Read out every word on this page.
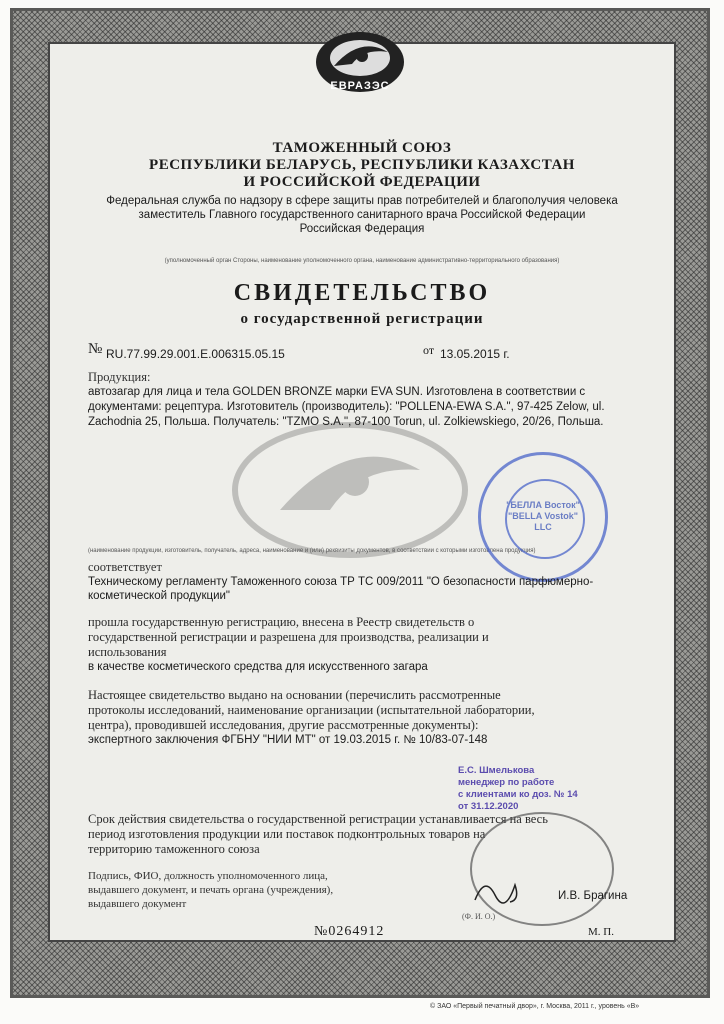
ЕВРАЗЭС
ТАМОЖЕННЫЙ СОЮЗ
РЕСПУБЛИКИ БЕЛАРУСЬ, РЕСПУБЛИКИ КАЗАХСТАН
И РОССИЙСКОЙ ФЕДЕРАЦИИ
Федеральная служба по надзору в сфере защиты прав потребителей и благополучия человека
заместитель Главного государственного санитарного врача Российской Федерации
Российская Федерация
(уполномоченный орган Стороны, наименование уполномоченного органа, наименование административно-территориального образования)
СВИДЕТЕЛЬСТВО
о государственной регистрации
№ RU.77.99.29.001.E.006315.05.15	от 13.05.2015 г.
Продукция:
автозагар для лица и тела GOLDEN BRONZE марки EVA SUN. Изготовлена в соответствии с
документами: рецептура. Изготовитель (производитель): "POLLENA-EWA S.A.", 97-425 Zelow, ul.
Zachodnia 25, Польша. Получатель: "TZMO S.A.", 87-100 Torun, ul. Zolkiewskiego, 20/26, Польша.
(наименование продукции, изготовитель, получатель, адреса, наименование и (или) реквизиты документов, в соответствии с которыми изготовлена продукция)
"БЕЛЛА Восток"
"BELLA Vostok"
LLC
соответствует
Техническому регламенту Таможенного союза ТР ТС 009/2011 "О безопасности парфюмерно-
косметической продукции"
прошла государственную регистрацию, внесена в Реестр свидетельств о
государственной регистрации и разрешена для производства, реализации и
использования
в качестве косметического средства для искусственного загара
Настоящее свидетельство выдано на основании (перечислить рассмотренные
протоколы исследований, наименование организации (испытательной лаборатории,
центра), проводившей исследования, другие рассмотренные документы):
экспертного заключения ФГБНУ "НИИ МТ" от 19.03.2015 г. № 10/83-07-148
Е.С. Шмелькова
менеджер по работе
с клиентами ко доз. № 14
от 31.12.2020
Срок действия свидетельства о государственной регистрации устанавливается на весь
период изготовления продукции или поставок подконтрольных товаров на
территорию таможенного союза
Подпись, ФИО, должность уполномоченного лица,
выдавшего документ, и печать органа (учреждения),
выдавшего документ
И.В. Брагина
(Ф. И. О.)
№0264912	М. П.
© ЗАО «Первый печатный двор», г. Москва, 2011 г., уровень «В»
